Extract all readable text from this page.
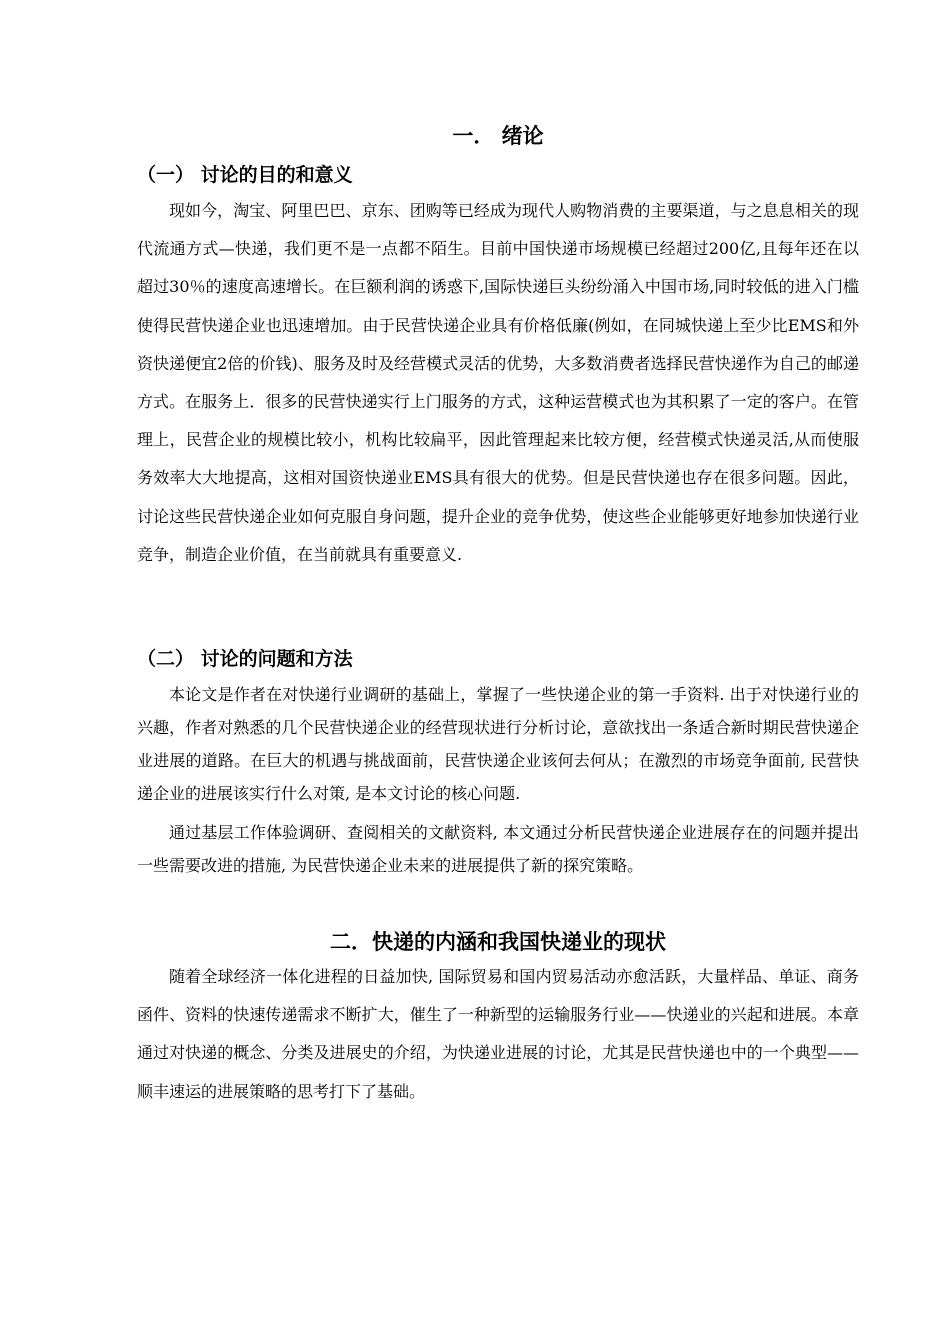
一． 绪论
（一） 讨论的目的和意义

现如今，淘宝、阿里巴巴、京东、团购等已经成为现代人购物消费的主要渠道，与之息息相关的现代流通方式—快递，我们更不是一点都不陌生。目前中国快递市场规模已经超过200亿,且每年还在以超过30％的速度高速增长。在巨额利润的诱惑下,国际快递巨头纷纷涌入中国市场,同时较低的进入门槛使得民营快递企业也迅速增加。由于民营快递企业具有价格低廉(例如，在同城快递上至少比EMS和外资快递便宜2倍的价钱)、服务及时及经营模式灵活的优势，大多数消费者选择民营快递作为自己的邮递方式。在服务上．很多的民营快递实行上门服务的方式，这种运营模式也为其积累了一定的客户。在管理上，民营企业的规模比较小，机构比较扁平，因此管理起来比较方便，经营模式快递灵活,从而使服务效率大大地提高，这相对国资快递业EMS具有很大的优势。但是民营快递也存在很多问题。因此，讨论这些民营快递企业如何克服自身问题，提升企业的竞争优势，使这些企业能够更好地参加快递行业竞争，制造企业价值，在当前就具有重要意义.

（二） 讨论的问题和方法

本论文是作者在对快递行业调研的基础上，掌握了一些快递企业的第一手资料. 出于对快递行业的兴趣，作者对熟悉的几个民营快递企业的经营现状进行分析讨论，意欲找出一条适合新时期民营快递企业进展的道路。在巨大的机遇与挑战面前，民营快递企业该何去何从；在激烈的市场竞争面前, 民营快递企业的进展该实行什么对策, 是本文讨论的核心问题.

通过基层工作体验调研、查阅相关的文献资料, 本文通过分析民营快递企业进展存在的问题并提出一些需要改进的措施, 为民营快递企业未来的进展提供了新的探究策略。

二．快递的内涵和我国快递业的现状

随着全球经济一体化进程的日益加快, 国际贸易和国内贸易活动亦愈活跃，大量样品、单证、商务函件、资料的快速传递需求不断扩大，催生了一种新型的运输服务行业——快递业的兴起和进展。本章通过对快递的概念、分类及进展史的介绍，为快递业进展的讨论，尤其是民营快递也中的一个典型——顺丰速运的进展策略的思考打下了基础。
